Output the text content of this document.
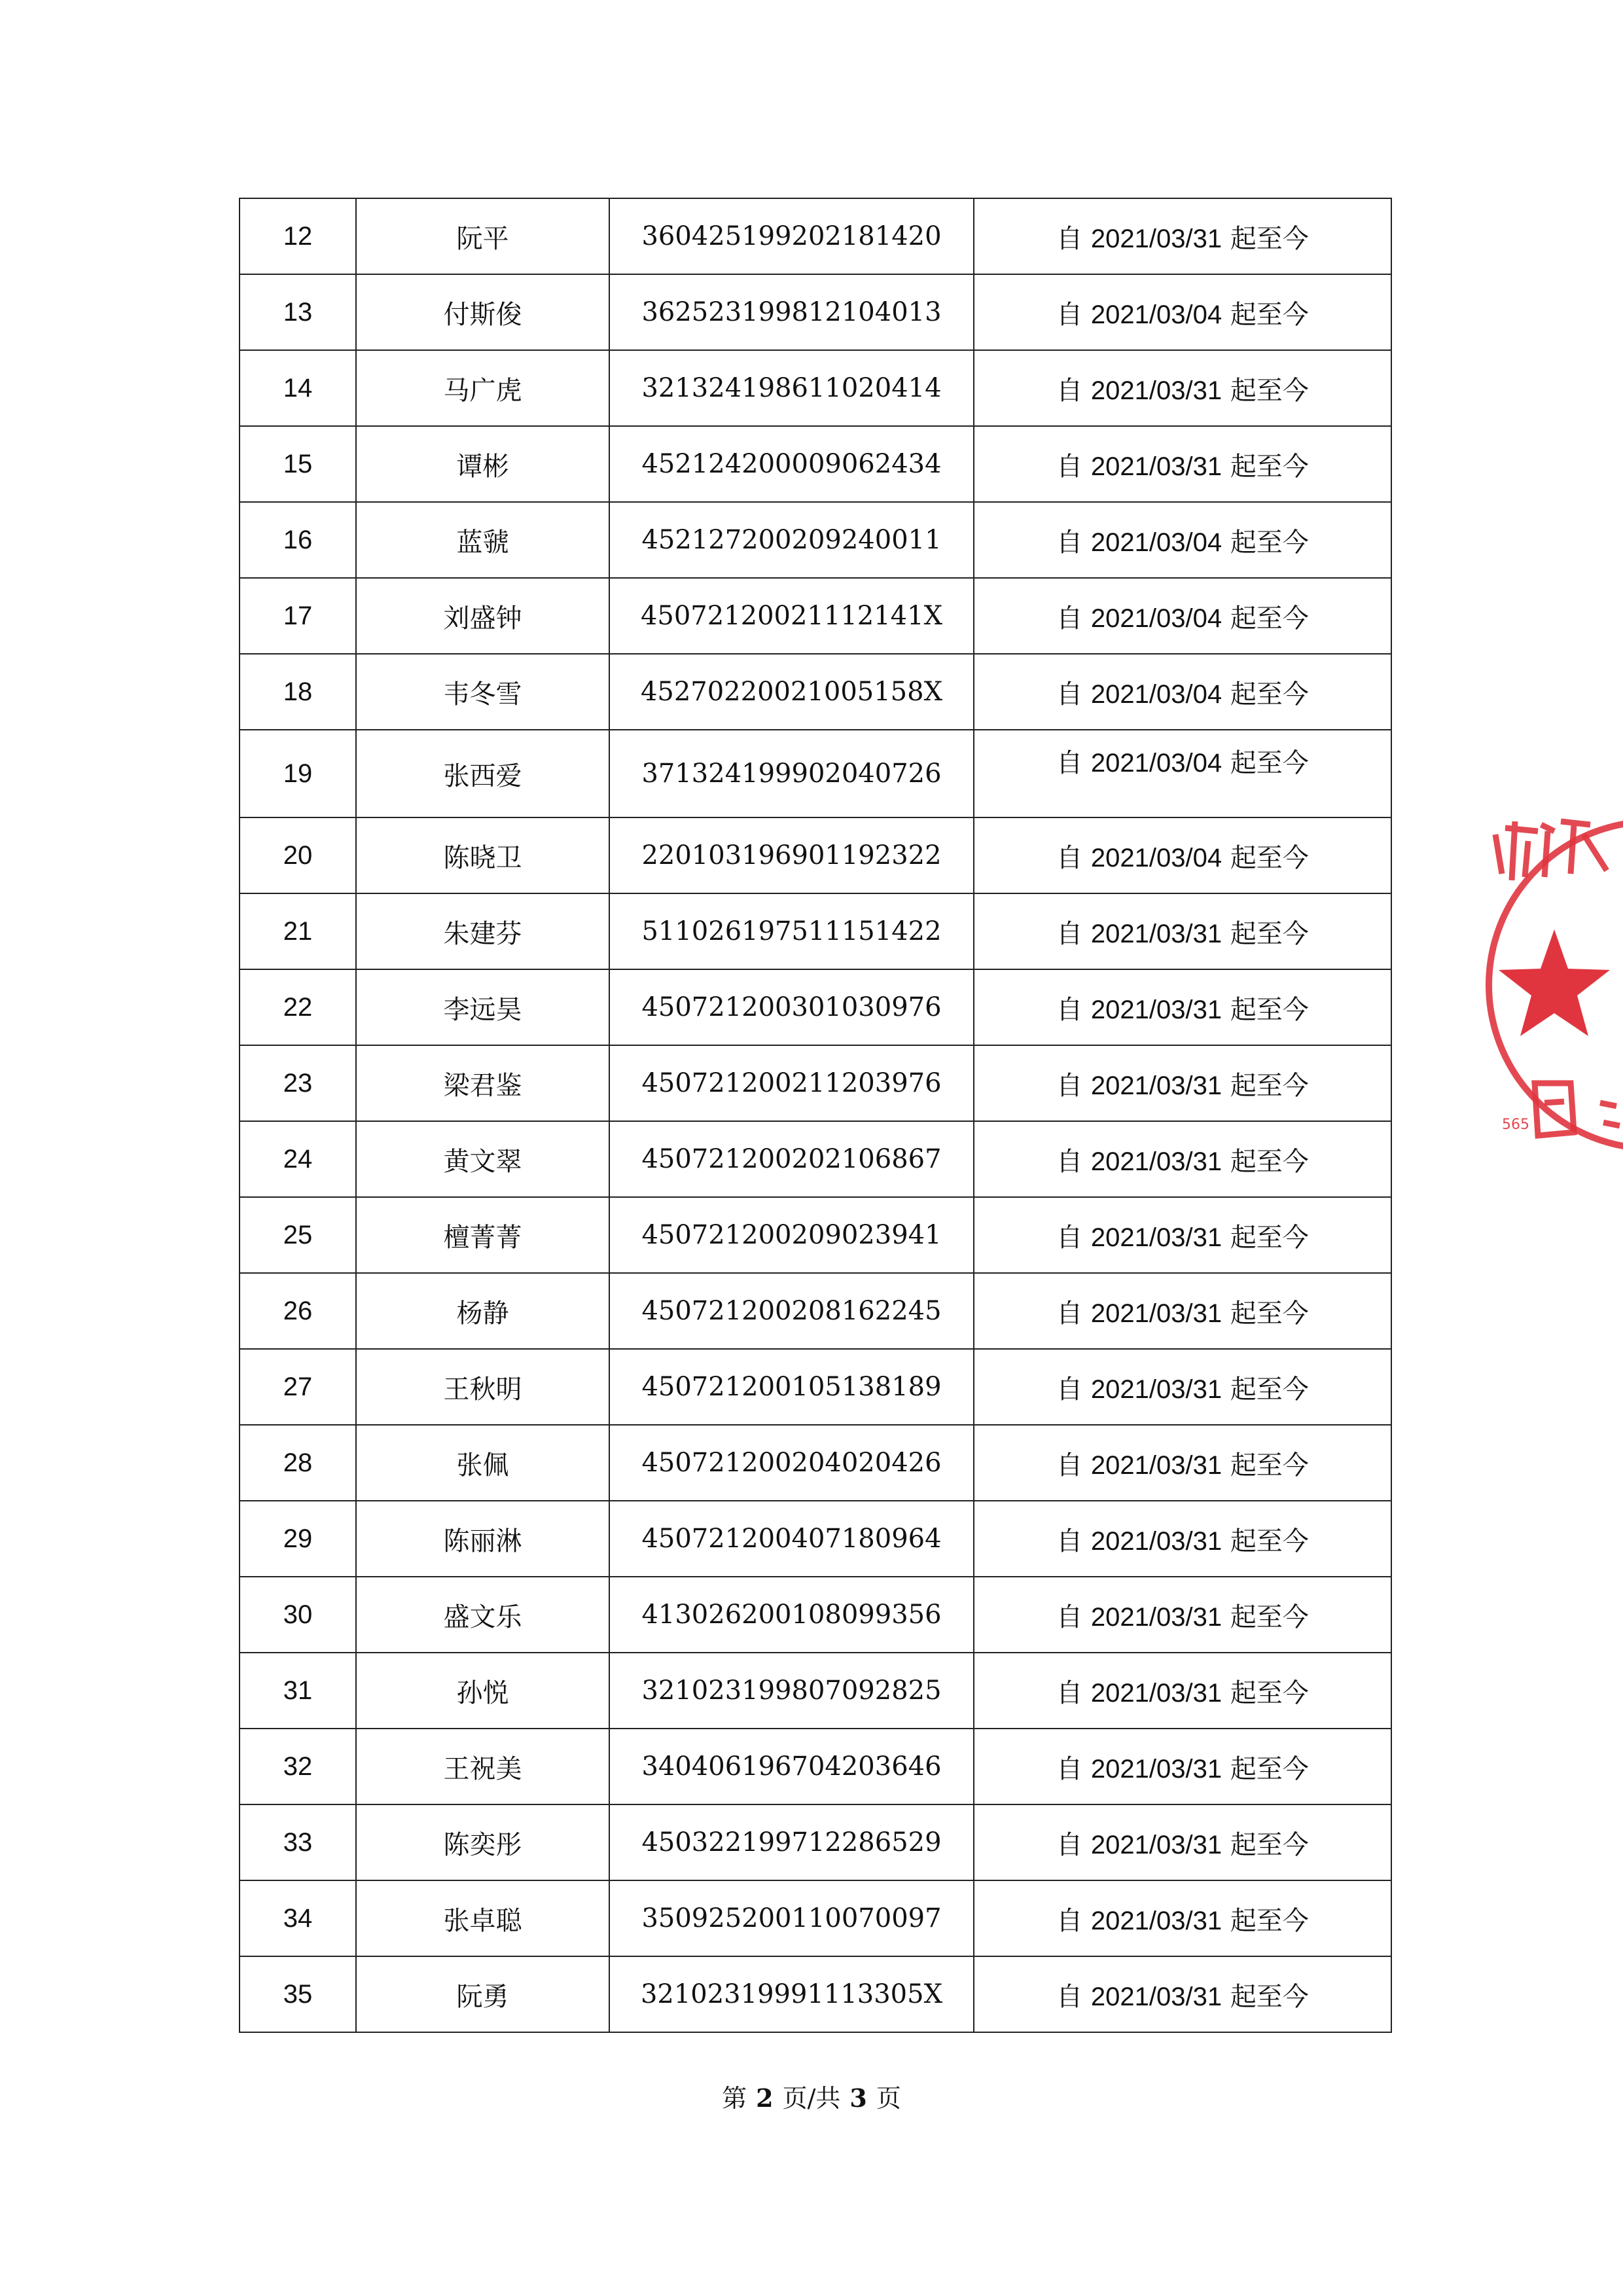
12	阮平	360425199202181420	自 2021/03/31 起至今
13	付斯俊	362523199812104013	自 2021/03/04 起至今
14	马广虎	321324198611020414	自 2021/03/31 起至今
15	谭彬	452124200009062434	自 2021/03/31 起至今
16	蓝虢	452127200209240011	自 2021/03/04 起至今
17	刘盛钟	45072120021112141X	自 2021/03/04 起至今
18	韦冬雪	45270220021005158X	自 2021/03/04 起至今
19	张西爱	371324199902040726	自 2021/03/04 起至今
20	陈晓卫	220103196901192322	自 2021/03/04 起至今
21	朱建芬	511026197511151422	自 2021/03/31 起至今
22	李远昊	450721200301030976	自 2021/03/31 起至今
23	梁君鉴	450721200211203976	自 2021/03/31 起至今
24	黄文翠	450721200202106867	自 2021/03/31 起至今
25	檀菁菁	450721200209023941	自 2021/03/31 起至今
26	杨静	450721200208162245	自 2021/03/31 起至今
27	王秋明	450721200105138189	自 2021/03/31 起至今
28	张佩	450721200204020426	自 2021/03/31 起至今
29	陈丽淋	450721200407180964	自 2021/03/31 起至今
30	盛文乐	413026200108099356	自 2021/03/31 起至今
31	孙悦	321023199807092825	自 2021/03/31 起至今
32	王祝美	340406196704203646	自 2021/03/31 起至今
33	陈奕彤	450322199712286529	自 2021/03/31 起至今
34	张卓聪	350925200110070097	自 2021/03/31 起至今
35	阮勇	32102319991113305X	自 2021/03/31 起至今
第 2 页/共 3 页
565
